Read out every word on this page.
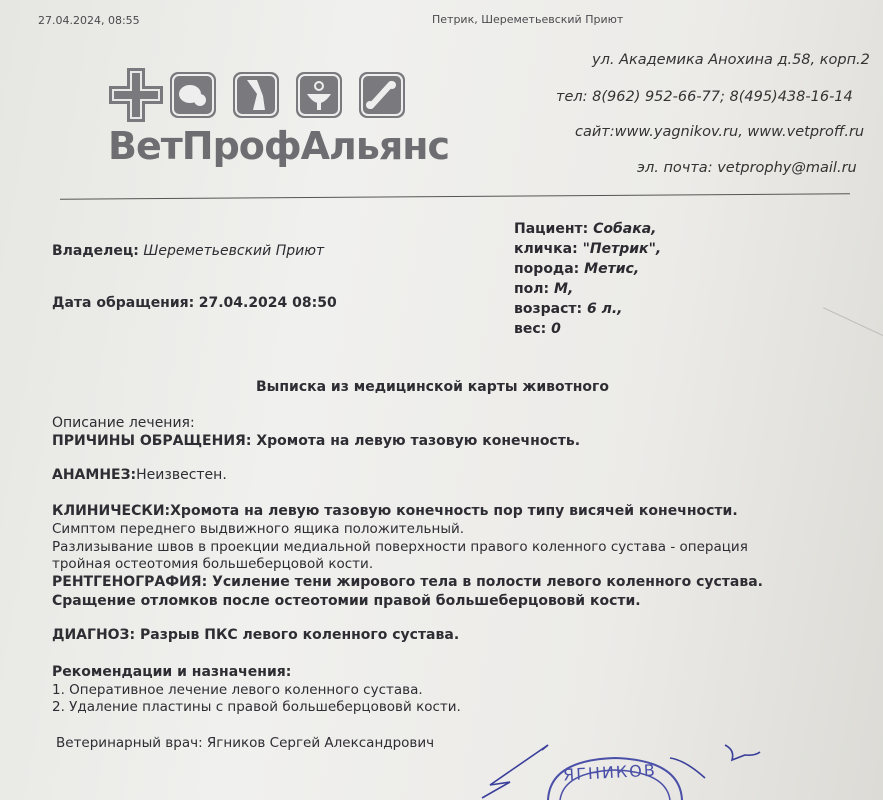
27.04.2024, 08:55	Петрик, Шереметьевский Приют
ВетПрофАльянс
ул. Академика Анохина д.58, корп.2
тел: 8(962) 952-66-77; 8(495)438-16-14
сайт:www.yagnikov.ru, www.vetproff.ru
эл. почта: vetprophy@mail.ru
Владелец: Шереметьевский Приют
Дата обращения: 27.04.2024 08:50
Пациент: Собака,
кличка: "Петрик",
порода: Метис,
пол: М,
возраст: 6 л.,
вес: 0
Выписка из медицинской карты животного
Описание лечения:
ПРИЧИНЫ ОБРАЩЕНИЯ: Хромота на левую тазовую конечность.
АНАМНЕЗ:Неизвестен.
КЛИНИЧЕСКИ:Хромота на левую тазовую конечность пор типу висячей конечности.
Симптом переднего выдвижного ящика положительный.
Разлизывание швов в проекции медиальной поверхности правого коленного сустава - операция
тройная остеотомия большеберцовой кости.
РЕНТГЕНОГРАФИЯ: Усиление тени жирового тела в полости левого коленного сустава.
Сращение отломков после остеотомии правой большеберцововй кости.
ДИАГНОЗ: Разрыв ПКС левого коленного сустава.
Рекомендации и назначения:
1. Оперативное лечение левого коленного сустава.
2. Удаление пластины с правой большеберцововй кости.
Ветеринарный врач: Ягников Сергей Александрович
ЯГНИКОВ
